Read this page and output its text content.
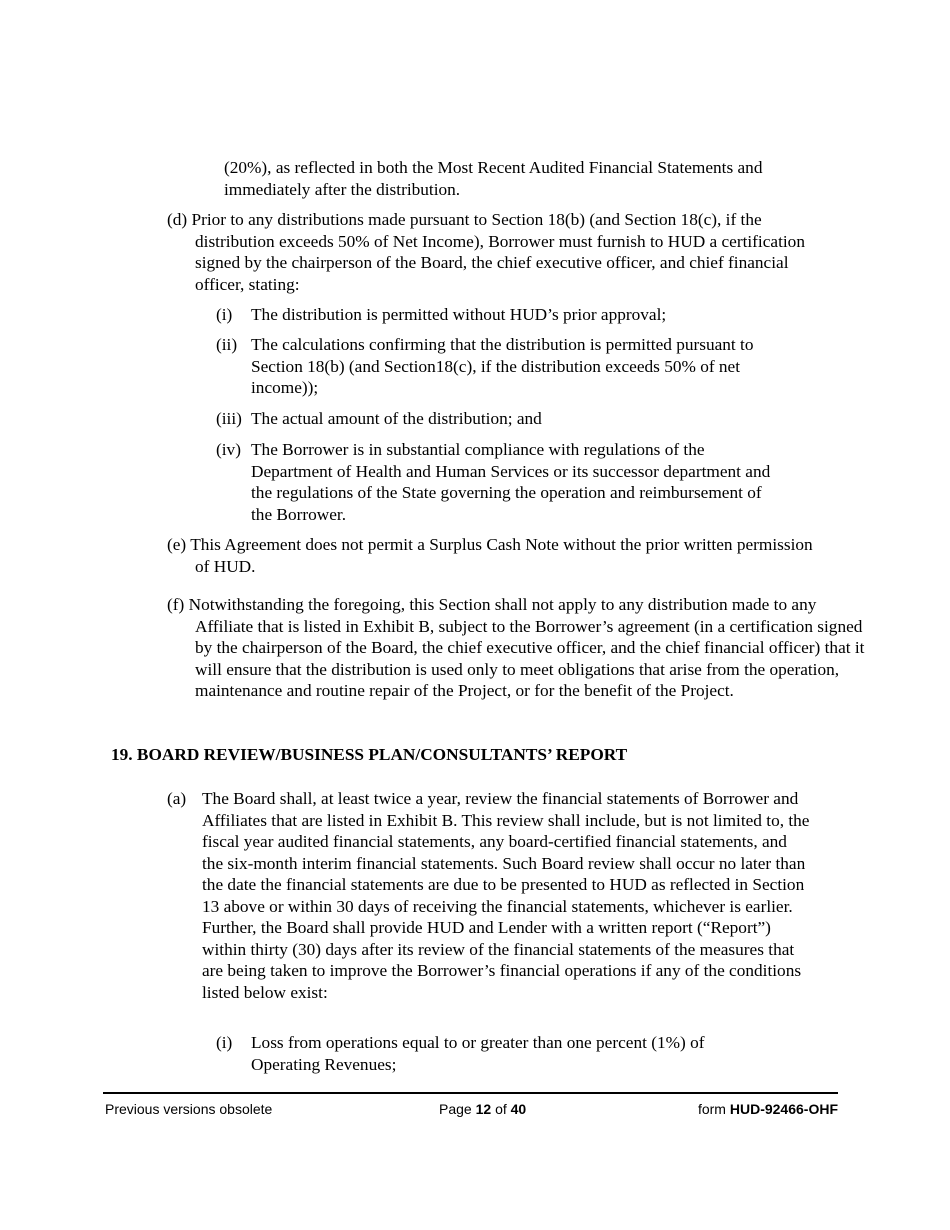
(20%), as reflected in both the Most Recent Audited Financial Statements and immediately after the distribution.
(d) Prior to any distributions made pursuant to Section 18(b) (and Section 18(c), if the distribution exceeds 50% of Net Income), Borrower must furnish to HUD a certification signed by the chairperson of the Board, the chief executive officer, and chief financial officer, stating:
(i) The distribution is permitted without HUD’s prior approval;
(ii) The calculations confirming that the distribution is permitted pursuant to Section 18(b) (and Section18(c), if the distribution exceeds 50% of net income));
(iii) The actual amount of the distribution; and
(iv) The Borrower is in substantial compliance with regulations of the Department of Health and Human Services or its successor department and the regulations of the State governing the operation and reimbursement of the Borrower.
(e) This Agreement does not permit a Surplus Cash Note without the prior written permission of HUD.
(f) Notwithstanding the foregoing, this Section shall not apply to any distribution made to any Affiliate that is listed in Exhibit B, subject to the Borrower’s agreement (in a certification signed by the chairperson of the Board, the chief executive officer, and the chief financial officer) that it will ensure that the distribution is used only to meet obligations that arise from the operation, maintenance and routine repair of the Project, or for the benefit of the Project.
19. BOARD REVIEW/BUSINESS PLAN/CONSULTANTS’ REPORT
(a) The Board shall, at least twice a year, review the financial statements of Borrower and Affiliates that are listed in Exhibit B. This review shall include, but is not limited to, the fiscal year audited financial statements, any board-certified financial statements, and the six-month interim financial statements. Such Board review shall occur no later than the date the financial statements are due to be presented to HUD as reflected in Section 13 above or within 30 days of receiving the financial statements, whichever is earlier. Further, the Board shall provide HUD and Lender with a written report (“Report”) within thirty (30) days after its review of the financial statements of the measures that are being taken to improve the Borrower’s financial operations if any of the conditions listed below exist:
(i) Loss from operations equal to or greater than one percent (1%) of Operating Revenues;
Previous versions obsolete	Page 12 of 40	form HUD-92466-OHF
